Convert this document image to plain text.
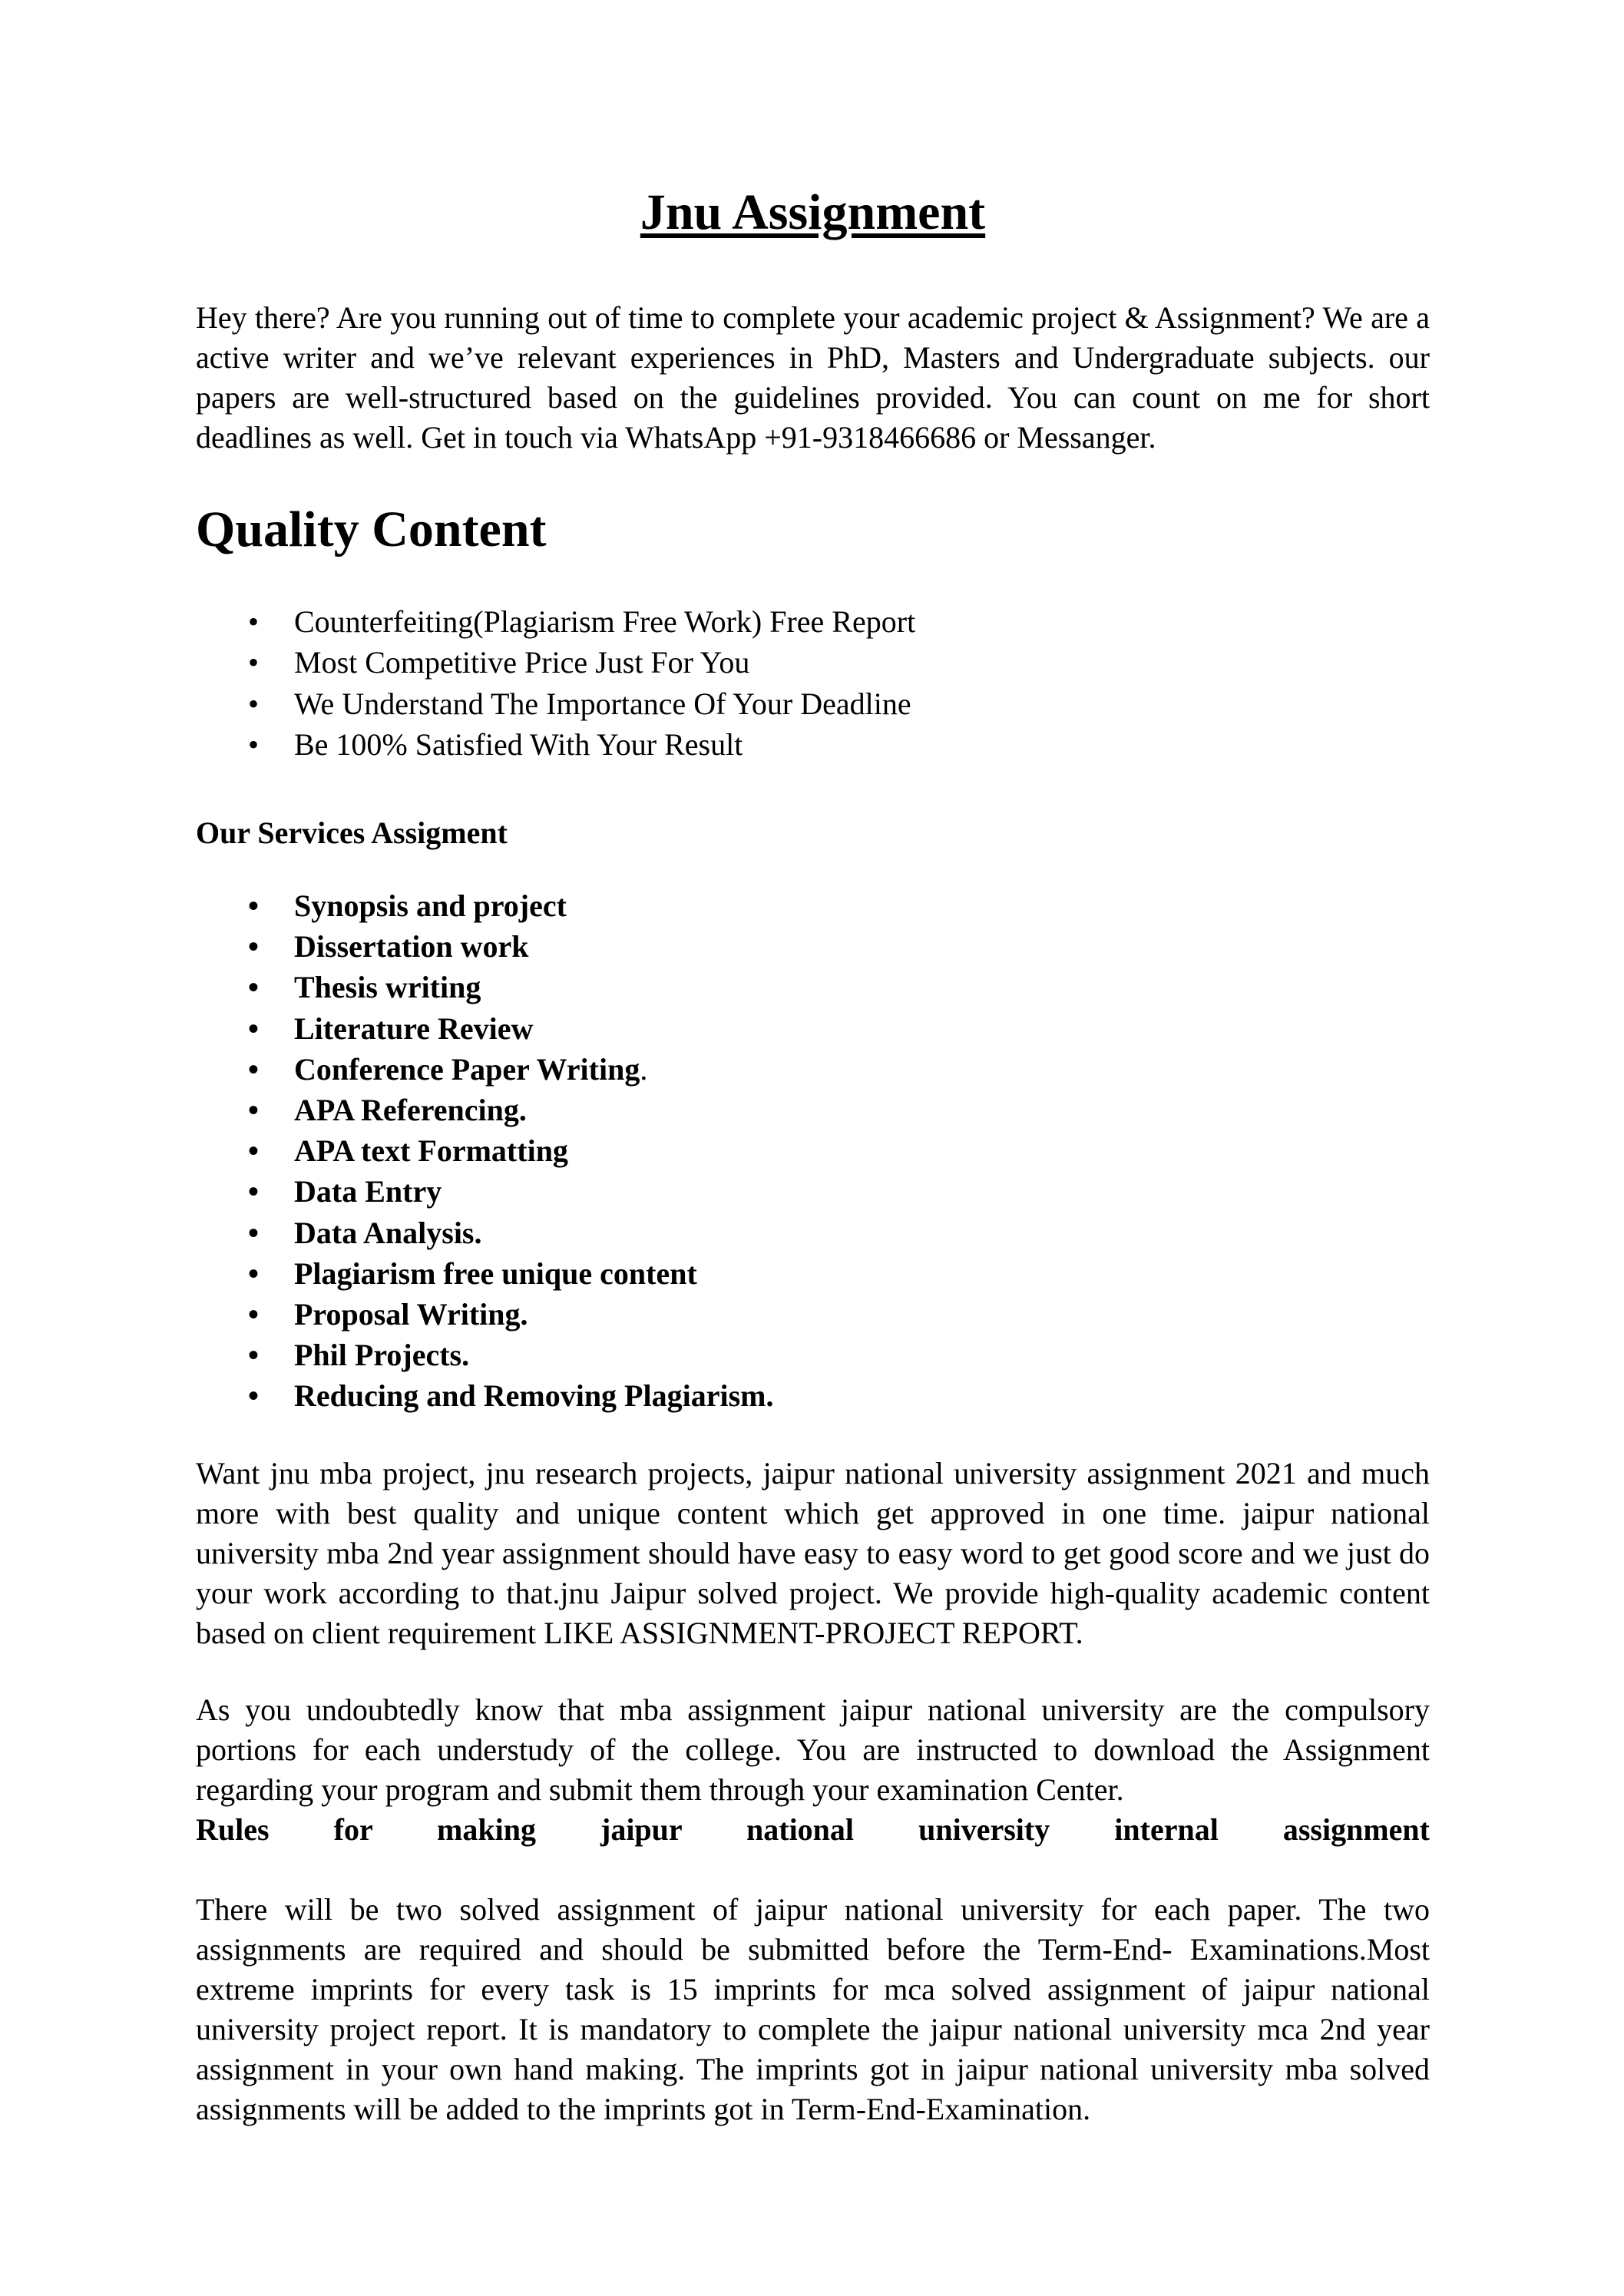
Jnu Assignment

Hey there? Are you running out of time to complete your academic project & Assignment? We are a active writer and we’ve relevant experiences in PhD, Masters and Undergraduate subjects. our papers are well-structured based on the guidelines provided. You can count on me for short deadlines as well. Get in touch via WhatsApp +91-9318466686 or Messanger.

Quality Content
• Counterfeiting(Plagiarism Free Work) Free Report
• Most Competitive Price Just For You
• We Understand The Importance Of Your Deadline
• Be 100% Satisfied With Your Result

Our Services Assigment

• Synopsis and project
• Dissertation work
• Thesis writing
• Literature Review
• Conference Paper Writing.
• APA Referencing.
• APA text Formatting
• Data Entry
• Data Analysis.
• Plagiarism free unique content
• Proposal Writing.
• Phil Projects.
• Reducing and Removing Plagiarism.

Want jnu mba project, jnu research projects, jaipur national university assignment 2021 and much more with best quality and unique content which get approved in one time. jaipur national university mba 2nd year assignment should have easy to easy word to get good score and we just do your work according to that.jnu Jaipur solved project. We provide high-quality academic content based on client requirement LIKE ASSIGNMENT-PROJECT REPORT.

As you undoubtedly know that mba assignment jaipur national university are the compulsory portions for each understudy of the college. You are instructed to download the Assignment regarding your program and submit them through your examination Center.

Rules for making jaipur national university internal assignment

There will be two solved assignment of jaipur national university for each paper. The two assignments are required and should be submitted before the Term-End- Examinations.Most extreme imprints for every task is 15 imprints for mca solved assignment of jaipur national university project report. It is mandatory to complete the jaipur national university mca 2nd year assignment in your own hand making. The imprints got in jaipur national university mba solved assignments will be added to the imprints got in Term-End-Examination.
